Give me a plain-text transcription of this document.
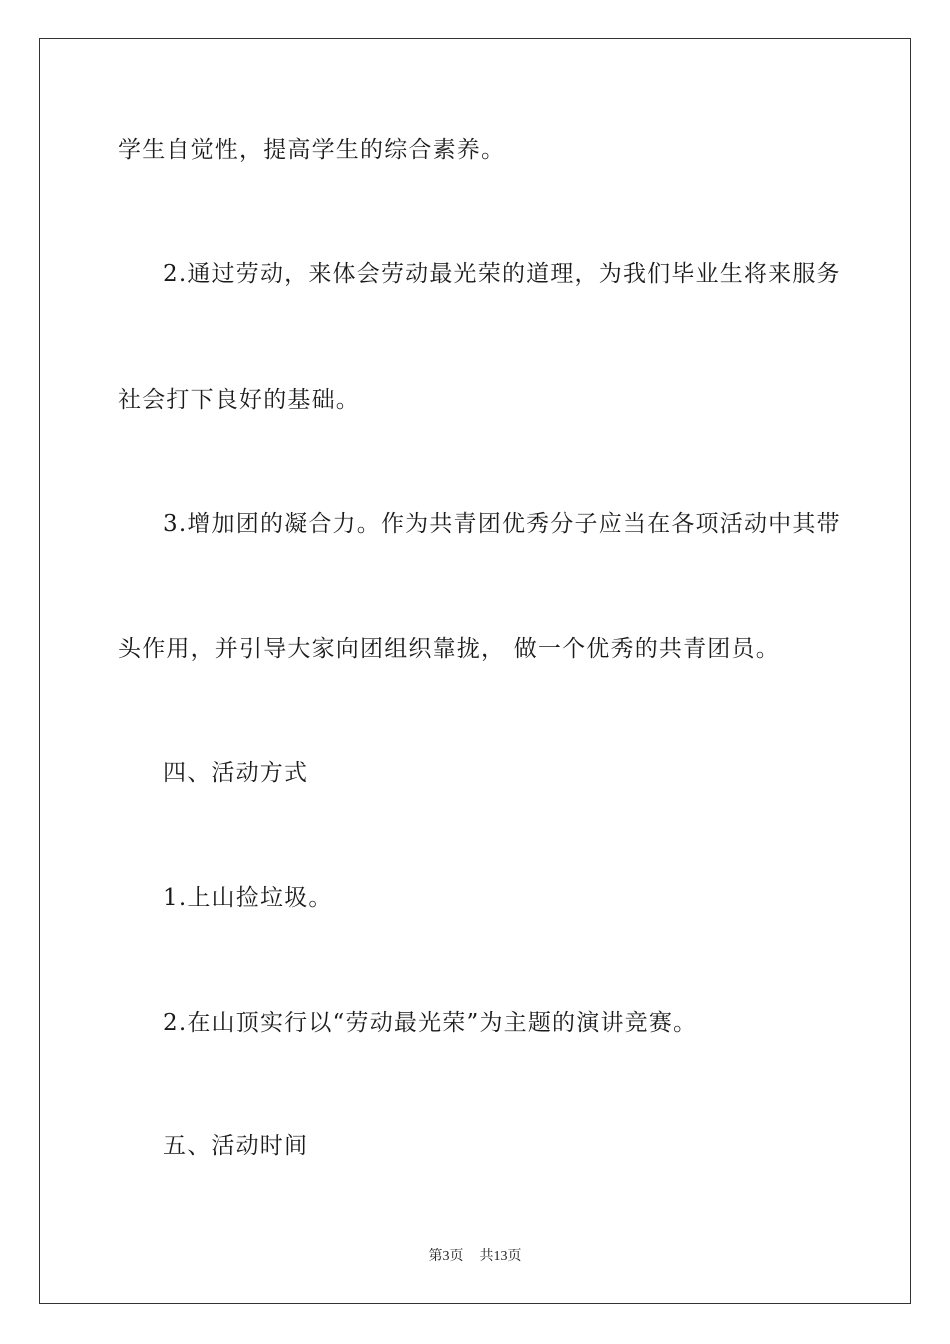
学生自觉性，提高学生的综合素养。
2.通过劳动，来体会劳动最光荣的道理，为我们毕业生将来服务
社会打下良好的基础。
3.增加团的凝合力。作为共青团优秀分子应当在各项活动中其带
头作用，并引导大家向团组织靠拢， 做一个优秀的共青团员。
四、活动方式
1.上山捡垃圾。
2.在山顶实行以“劳动最光荣”为主题的演讲竞赛。
五、活动时间
第3页 共13页
